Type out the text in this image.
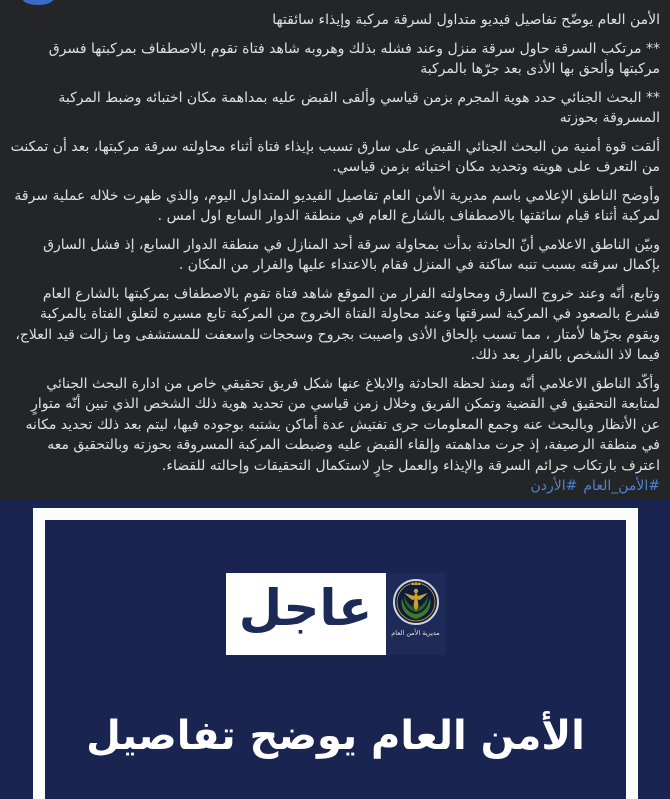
الأمن العام يوضّح تفاصيل فيديو متداول لسرقة مركبة وإيذاء سائقتها

** مرتكب السرقة حاول سرقة منزل وعند فشله بذلك وهروبه شاهد فتاة تقوم بالاصطفاف بمركبتها فسرق مركبتها وألحق بها الأذى بعد جرّها بالمركبة

** البحث الجنائي حدد هوية المجرم بزمن قياسي وألقى القبض عليه بمداهمة مكان اختبائه وضبط المركبة المسروقة بحوزته

ألقت قوة أمنية من البحث الجنائي القبض على سارق تسبب بإيذاء فتاة أثناء محاولته سرقة مركبتها، بعد أن تمكنت من التعرف على هويته وتحديد مكان اختبائه بزمن قياسي.

وأوضح الناطق الإعلامي باسم مديرية الأمن العام تفاصيل الفيديو المتداول اليوم، والذي ظهرت خلاله عملية سرقة لمركبة أثناء قيام سائقتها بالاصطفاف بالشارع العام في منطقة الدوار السابع اول امس .

وبيّن الناطق الاعلامي أنّ الحادثة بدأت بمحاولة سرقة أحد المنازل في منطقة الدوار السابع، إذ فشل السارق بإكمال سرقته بسبب تنبه ساكنة في المنزل فقام بالاعتداء عليها والفرار من المكان .

وتابع، أنّه وعند خروج السارق ومحاولته الفرار من الموقع شاهد فتاة تقوم بالاصطفاف بمركبتها بالشارع العام فشرع بالصعود في المركبة لسرقتها وعند محاولة الفتاة الخروج من المركبة تابع مسيره لتعلق الفتاة بالمركبة ويقوم بجرّها لأمتار ، مما تسبب بإلحاق الأذى واصيبت بجروح وسحجات واسعفت للمستشفى وما زالت قيد العلاج، فيما لاذ الشخص بالفرار بعد ذلك.

وأكّد الناطق الاعلامي أنّه ومنذ لحظة الحادثة والابلاغ عنها شكل فريق تحقيقي خاص من ادارة البحث الجنائي لمتابعة التحقيق في القضية وتمكن الفريق وخلال زمن قياسي من تحديد هوية ذلك الشخص الذي تبين أنّه متوارٍ عن الأنظار وبالبحث عنه وجمع المعلومات جرى تفتيش عدة أماكن يشتبه بوجوده فيها، ليتم بعد ذلك تحديد مكانه في منطقة الرصيفة، إذ جرت مداهمته وإلقاء القبض عليه وضبطت المركبة المسروقة بحوزته وبالتحقيق معه اعترف بارتكاب جرائم السرقة والإيذاء والعمل جارٍ لاستكمال التحقيقات وإحالته للقضاء.

#الأمن_العام
#الأردن
عاجل	مديرية الأمن العام
الأمن العام يوضح تفاصيل
